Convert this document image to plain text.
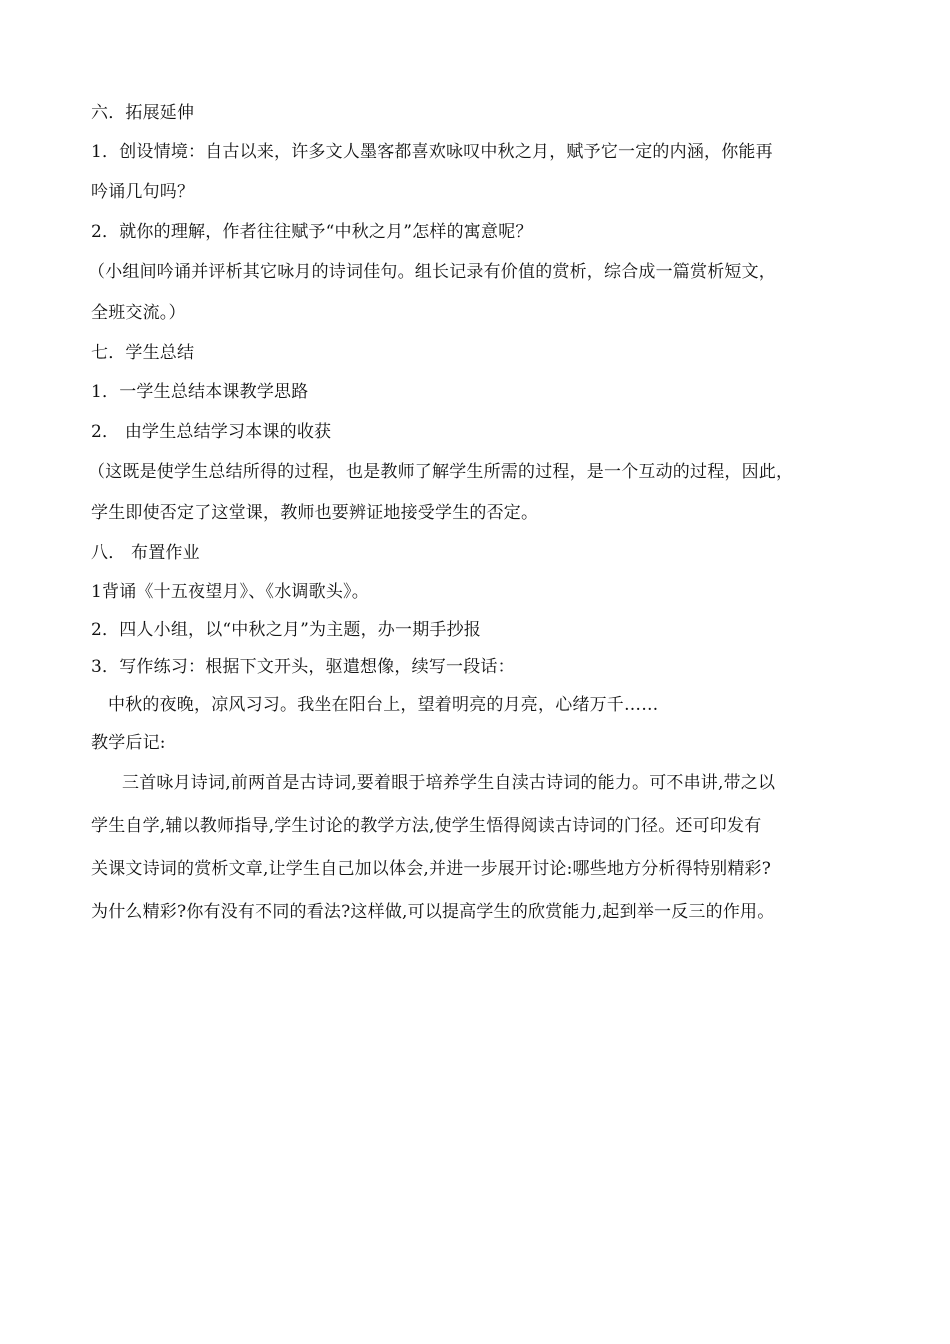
六．拓展延伸
1．创设情境：自古以来，许多文人墨客都喜欢咏叹中秋之月，赋予它一定的内涵，你能再
吟诵几句吗？
2．就你的理解，作者往往赋予“中秋之月”怎样的寓意呢？
（小组间吟诵并评析其它咏月的诗词佳句。组长记录有价值的赏析，综合成一篇赏析短文，
全班交流。）
七．学生总结
1．一学生总结本课教学思路
2． 由学生总结学习本课的收获
（这既是使学生总结所得的过程，也是教师了解学生所需的过程，是一个互动的过程，因此，
学生即使否定了这堂课，教师也要辨证地接受学生的否定。
八． 布置作业
1背诵《十五夜望月》、《水调歌头》。
2．四人小组，以“中秋之月”为主题，办一期手抄报
3．写作练习：根据下文开头，驱遣想像，续写一段话：
中秋的夜晚，凉风习习。我坐在阳台上，望着明亮的月亮，心绪万千……
教学后记:
三首咏月诗词,前两首是古诗词,要着眼于培养学生自渎古诗词的能力。可不串讲,带之以
学生自学,辅以教师指导,学生讨论的教学方法,使学生悟得阅读古诗词的门径。还可印发有
关课文诗词的赏析文章,让学生自己加以体会,并进一步展开讨论:哪些地方分析得特别精彩?
为什么精彩?你有没有不同的看法?这样做,可以提高学生的欣赏能力,起到举一反三的作用。
